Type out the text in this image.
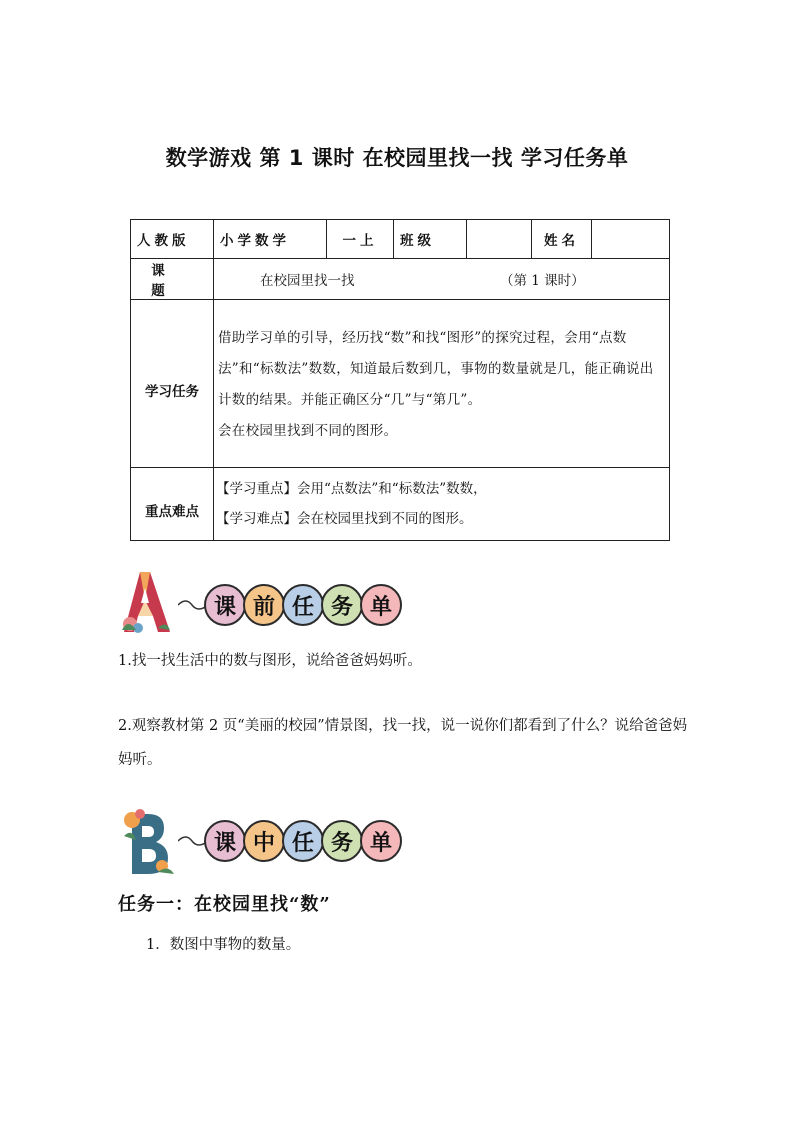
数学游戏 第 1 课时 在校园里找一找 学习任务单
人教版	小学数学	一上	班级		姓名	
课题	在校园里找一找 （第 1 课时）					

学习任务	借助学习单的引导，经历找“数”和找“图形”的探究过程，会用“点数法”和“标数法”数数，知道最后数到几，事物的数量就是几，能正确说出计数的结果。并能正确区分“几”与“第几”。
会在校园里找到不同的图形。					

重点难点	【学习重点】会用“点数法”和“标数法”数数，
【学习难点】会在校园里找到不同的图形。					
课 前 任 务 单
1.找一找生活中的数与图形，说给爸爸妈妈听。
2.观察教材第 2 页“美丽的校园”情景图，找一找，说一说你们都看到了什么？说给爸爸妈妈听。
课 中 任 务 单
任务一：在校园里找“数”
1．数图中事物的数量。
